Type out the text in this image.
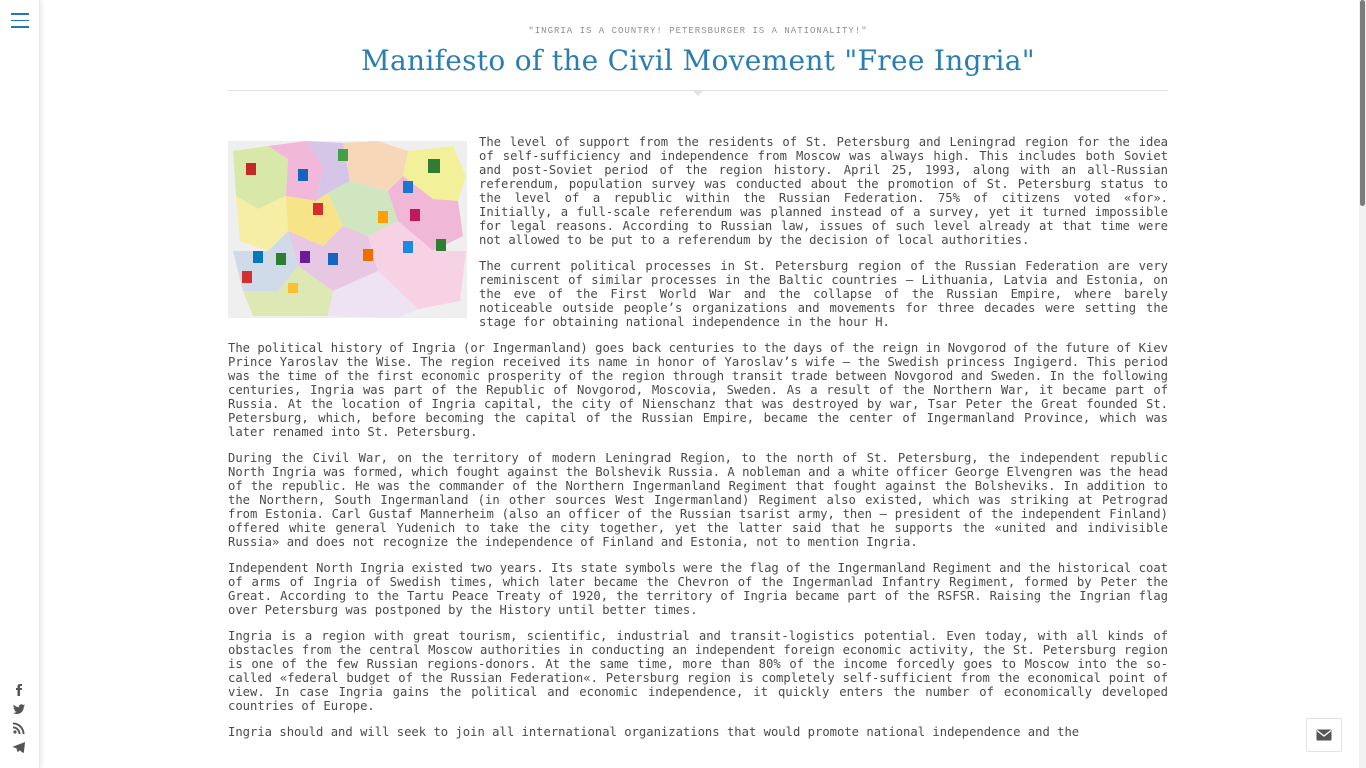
"INGRIA IS A COUNTRY! PETERSBURGER IS A NATIONALITY!"
Manifesto of the Civil Movement "Free Ingria"

The level of support from the residents of St. Petersburg and Leningrad region for the idea of self-sufficiency and independence from Moscow was always high. This includes both Soviet and post-Soviet period of the region history. April 25, 1993, along with an all-Russian referendum, population survey was conducted about the promotion of St. Petersburg status to the level of a republic within the Russian Federation. 75% of citizens voted «for». Initially, a full-scale referendum was planned instead of a survey, yet it turned impossible for legal reasons. According to Russian law, issues of such level already at that time were not allowed to be put to a referendum by the decision of local authorities.

The current political processes in St. Petersburg region of the Russian Federation are very reminiscent of similar processes in the Baltic countries – Lithuania, Latvia and Estonia, on the eve of the First World War and the collapse of the Russian Empire, where barely noticeable outside people’s organizations and movements for three decades were setting the stage for obtaining national independence in the hour H.

The political history of Ingria (or Ingermanland) goes back centuries to the days of the reign in Novgorod of the future of Kiev Prince Yaroslav the Wise. The region received its name in honor of Yaroslav’s wife – the Swedish princess Ingigerd. This period was the time of the first economic prosperity of the region through transit trade between Novgorod and Sweden. In the following centuries, Ingria was part of the Republic of Novgorod, Moscovia, Sweden. As a result of the Northern War, it became part of Russia. At the location of Ingria capital, the city of Nienschanz that was destroyed by war, Tsar Peter the Great founded St. Petersburg, which, before becoming the capital of the Russian Empire, became the center of Ingermanland Province, which was later renamed into St. Petersburg.

During the Civil War, on the territory of modern Leningrad Region, to the north of St. Petersburg, the independent republic North Ingria was formed, which fought against the Bolshevik Russia. A nobleman and a white officer George Elvengren was the head of the republic. He was the commander of the Northern Ingermanland Regiment that fought against the Bolsheviks. In addition to the Northern, South Ingermanland (in other sources West Ingermanland) Regiment also existed, which was striking at Petrograd from Estonia. Carl Gustaf Mannerheim (also an officer of the Russian tsarist army, then – president of the independent Finland) offered white general Yudenich to take the city together, yet the latter said that he supports the «united and indivisible Russia» and does not recognize the independence of Finland and Estonia, not to mention Ingria.

Independent North Ingria existed two years. Its state symbols were the flag of the Ingermanland Regiment and the historical coat of arms of Ingria of Swedish times, which later became the Chevron of the Ingermanlad Infantry Regiment, formed by Peter the Great. According to the Tartu Peace Treaty of 1920, the territory of Ingria became part of the RSFSR. Raising the Ingrian flag over Petersburg was postponed by the History until better times.

Ingria is a region with great tourism, scientific, industrial and transit-logistics potential. Even today, with all kinds of obstacles from the central Moscow authorities in conducting an independent foreign economic activity, the St. Petersburg region is one of the few Russian regions-donors. At the same time, more than 80% of the income forcedly goes to Moscow into the so-called «federal budget of the Russian Federation«. Petersburg region is completely self-sufficient from the economical point of view. In case Ingria gains the political and economic independence, it quickly enters the number of economically developed countries of Europe.

Ingria should and will seek to join all international organizations that would promote national independence and the
